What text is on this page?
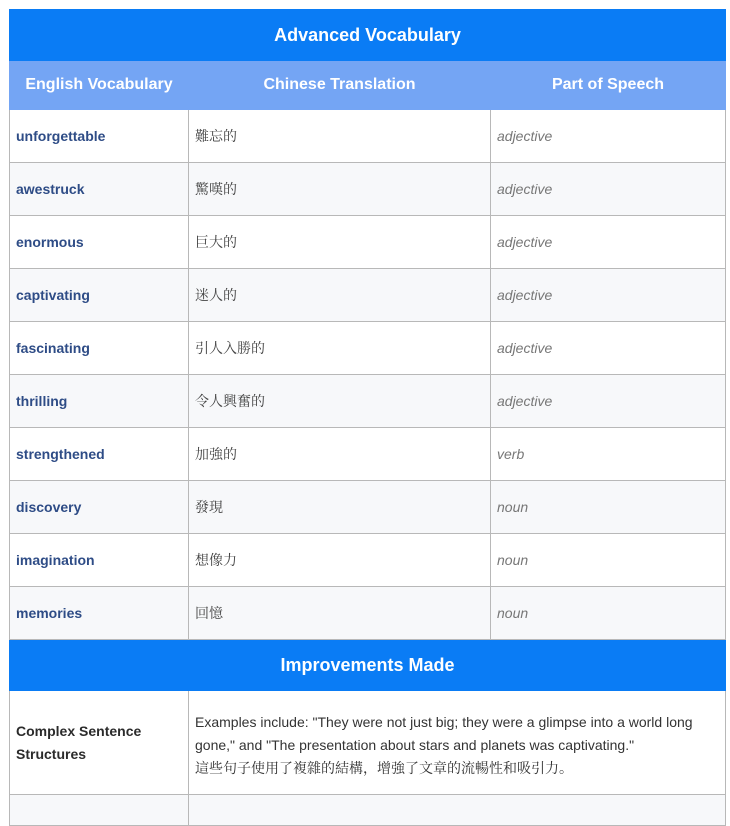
Advanced Vocabulary		
English Vocabulary	Chinese Translation	Part of Speech
unforgettable	難忘的	adjective
awestruck	驚嘆的	adjective
enormous	巨大的	adjective
captivating	迷人的	adjective
fascinating	引人入勝的	adjective
thrilling	令人興奮的	adjective
strengthened	加強的	verb
discovery	發現	noun
imagination	想像力	noun
memories	回憶	noun
Improvements Made		
Complex Sentence Structures	Examples include: "They were not just big; they were a glimpse into a world long gone," and "The presentation about stars and planets was captivating."
這些句子使用了複雜的結構，增強了文章的流暢性和吸引力。	
